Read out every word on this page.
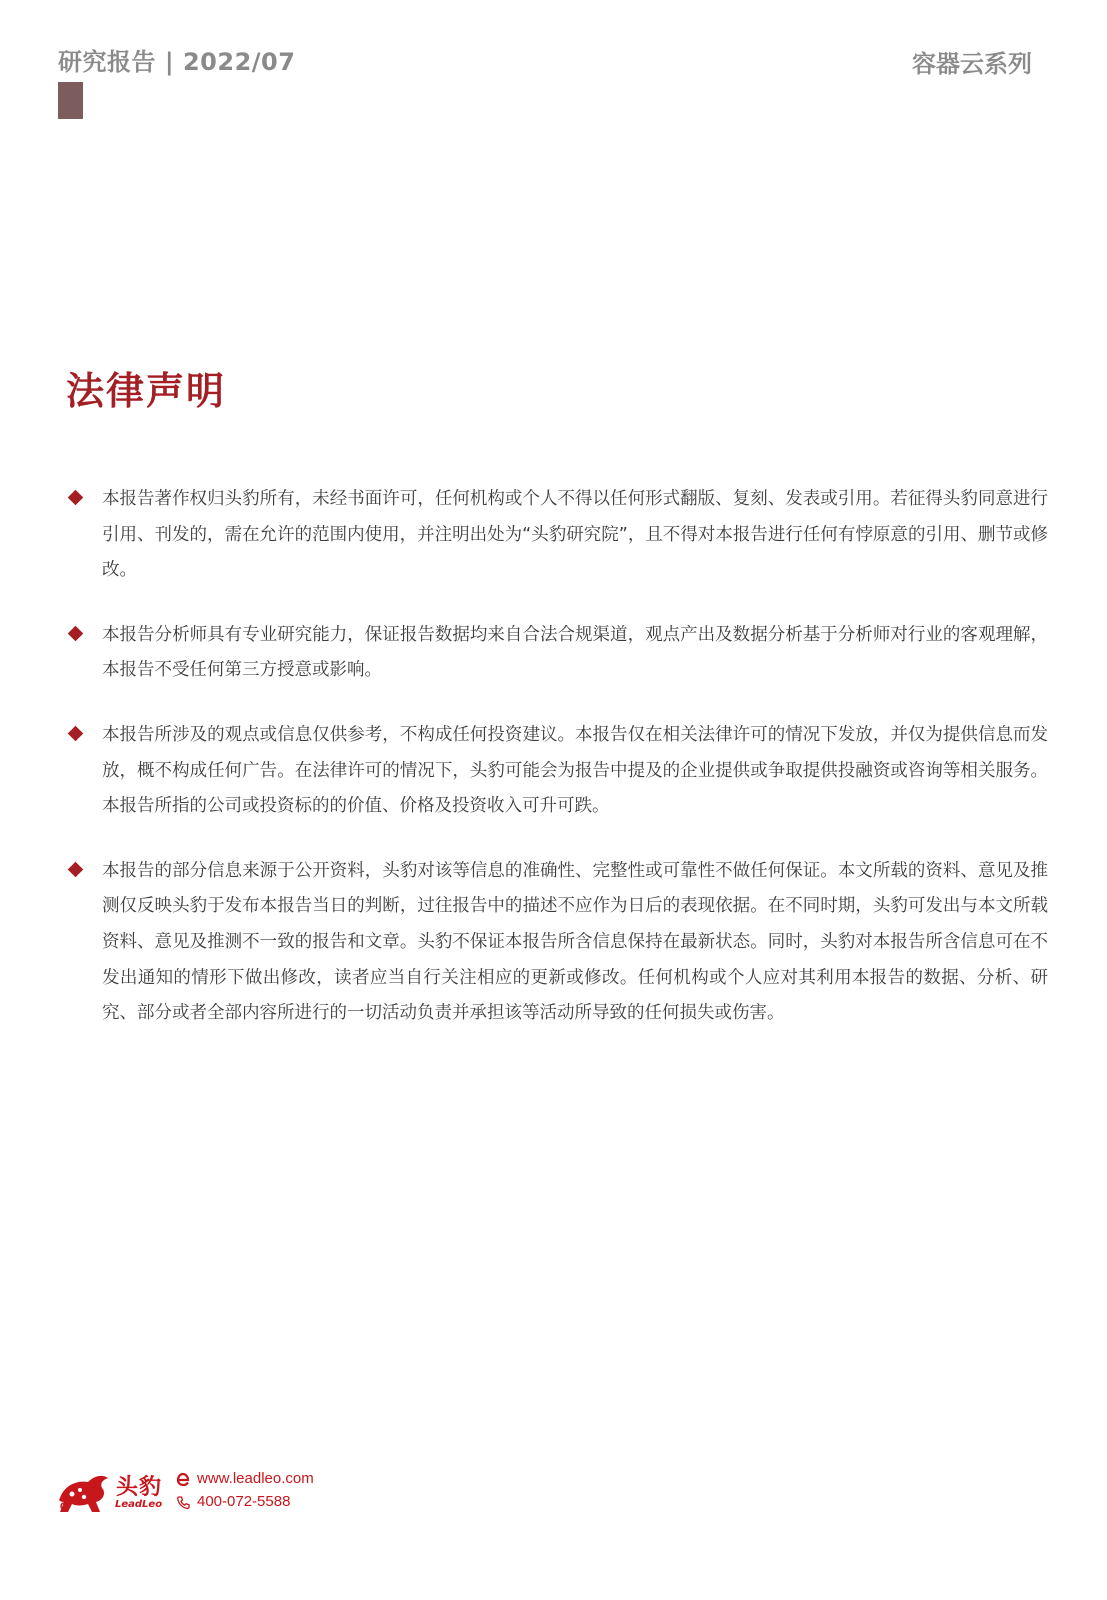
研究报告 | 2022/07	容器云系列
法律声明

本报告著作权归头豹所有，未经书面许可，任何机构或个人不得以任何形式翻版、复刻、发表或引用。若征得头豹同意进行引用、刊发的，需在允许的范围内使用，并注明出处为“头豹研究院”，且不得对本报告进行任何有悖原意的引用、删节或修改。

本报告分析师具有专业研究能力，保证报告数据均来自合法合规渠道，观点产出及数据分析基于分析师对行业的客观理解，本报告不受任何第三方授意或影响。

本报告所涉及的观点或信息仅供参考，不构成任何投资建议。本报告仅在相关法律许可的情况下发放，并仅为提供信息而发放，概不构成任何广告。在法律许可的情况下，头豹可能会为报告中提及的企业提供或争取提供投融资或咨询等相关服务。本报告所指的公司或投资标的的价值、价格及投资收入可升可跌。

本报告的部分信息来源于公开资料，头豹对该等信息的准确性、完整性或可靠性不做任何保证。本文所载的资料、意见及推测仅反映头豹于发布本报告当日的判断，过往报告中的描述不应作为日后的表现依据。在不同时期，头豹可发出与本文所载资料、意见及推测不一致的报告和文章。头豹不保证本报告所含信息保持在最新状态。同时，头豹对本报告所含信息可在不发出通知的情形下做出修改，读者应当自行关注相应的更新或修改。任何机构或个人应对其利用本报告的数据、分析、研究、部分或者全部内容所进行的一切活动负责并承担该等活动所导致的任何损失或伤害。

头豹
LeadLeo
www.leadleo.com
400-072-5588
